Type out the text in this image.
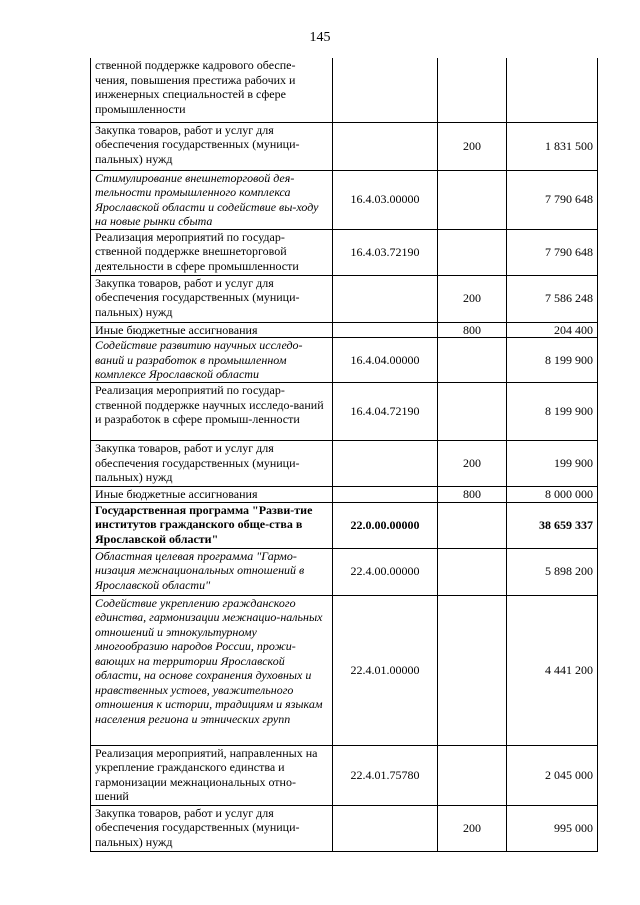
145
ственной поддержке кадрового обеспе-чения, повышения престижа рабочих и инженерных специальностей в сфере промышленности			
Закупка товаров, работ и услуг для обеспечения государственных (муници-пальных) нужд		200	1 831 500
Стимулирование внешнеторговой дея-тельности промышленного комплекса Ярославской области и содействие вы-ходу на новые рынки сбыта	16.4.03.00000		7 790 648
Реализация мероприятий по государ-ственной поддержке внешнеторговой деятельности в сфере промышленности	16.4.03.72190		7 790 648
Закупка товаров, работ и услуг для обеспечения государственных (муници-пальных) нужд		200	7 586 248
Иные бюджетные ассигнования		800	204 400
Содействие развитию научных исследо-ваний и разработок в промышленном комплексе Ярославской области	16.4.04.00000		8 199 900
Реализация мероприятий по государ-ственной поддержке научных исследо-ваний и разработок в сфере промыш-ленности	16.4.04.72190		8 199 900
Закупка товаров, работ и услуг для обеспечения государственных (муници-пальных) нужд		200	199 900
Иные бюджетные ассигнования		800	8 000 000
Государственная программа "Разви-тие институтов гражданского обще-ства в Ярославской области"	22.0.00.00000		38 659 337
Областная целевая программа "Гармо-низация межнациональных отношений в Ярославской области"	22.4.00.00000		5 898 200
Содействие укреплению гражданского единства, гармонизации межнацио-нальных отношений и этнокультурному многообразию народов России, прожи-вающих на территории Ярославской области, на основе сохранения духовных и нравственных устоев, уважительного отношения к истории, традициям и языкам населения региона и этнических групп	22.4.01.00000		4 441 200
Реализация мероприятий, направленных на укрепление гражданского единства и гармонизации межнациональных отно-шений	22.4.01.75780		2 045 000
Закупка товаров, работ и услуг для обеспечения государственных (муници-пальных) нужд		200	995 000
